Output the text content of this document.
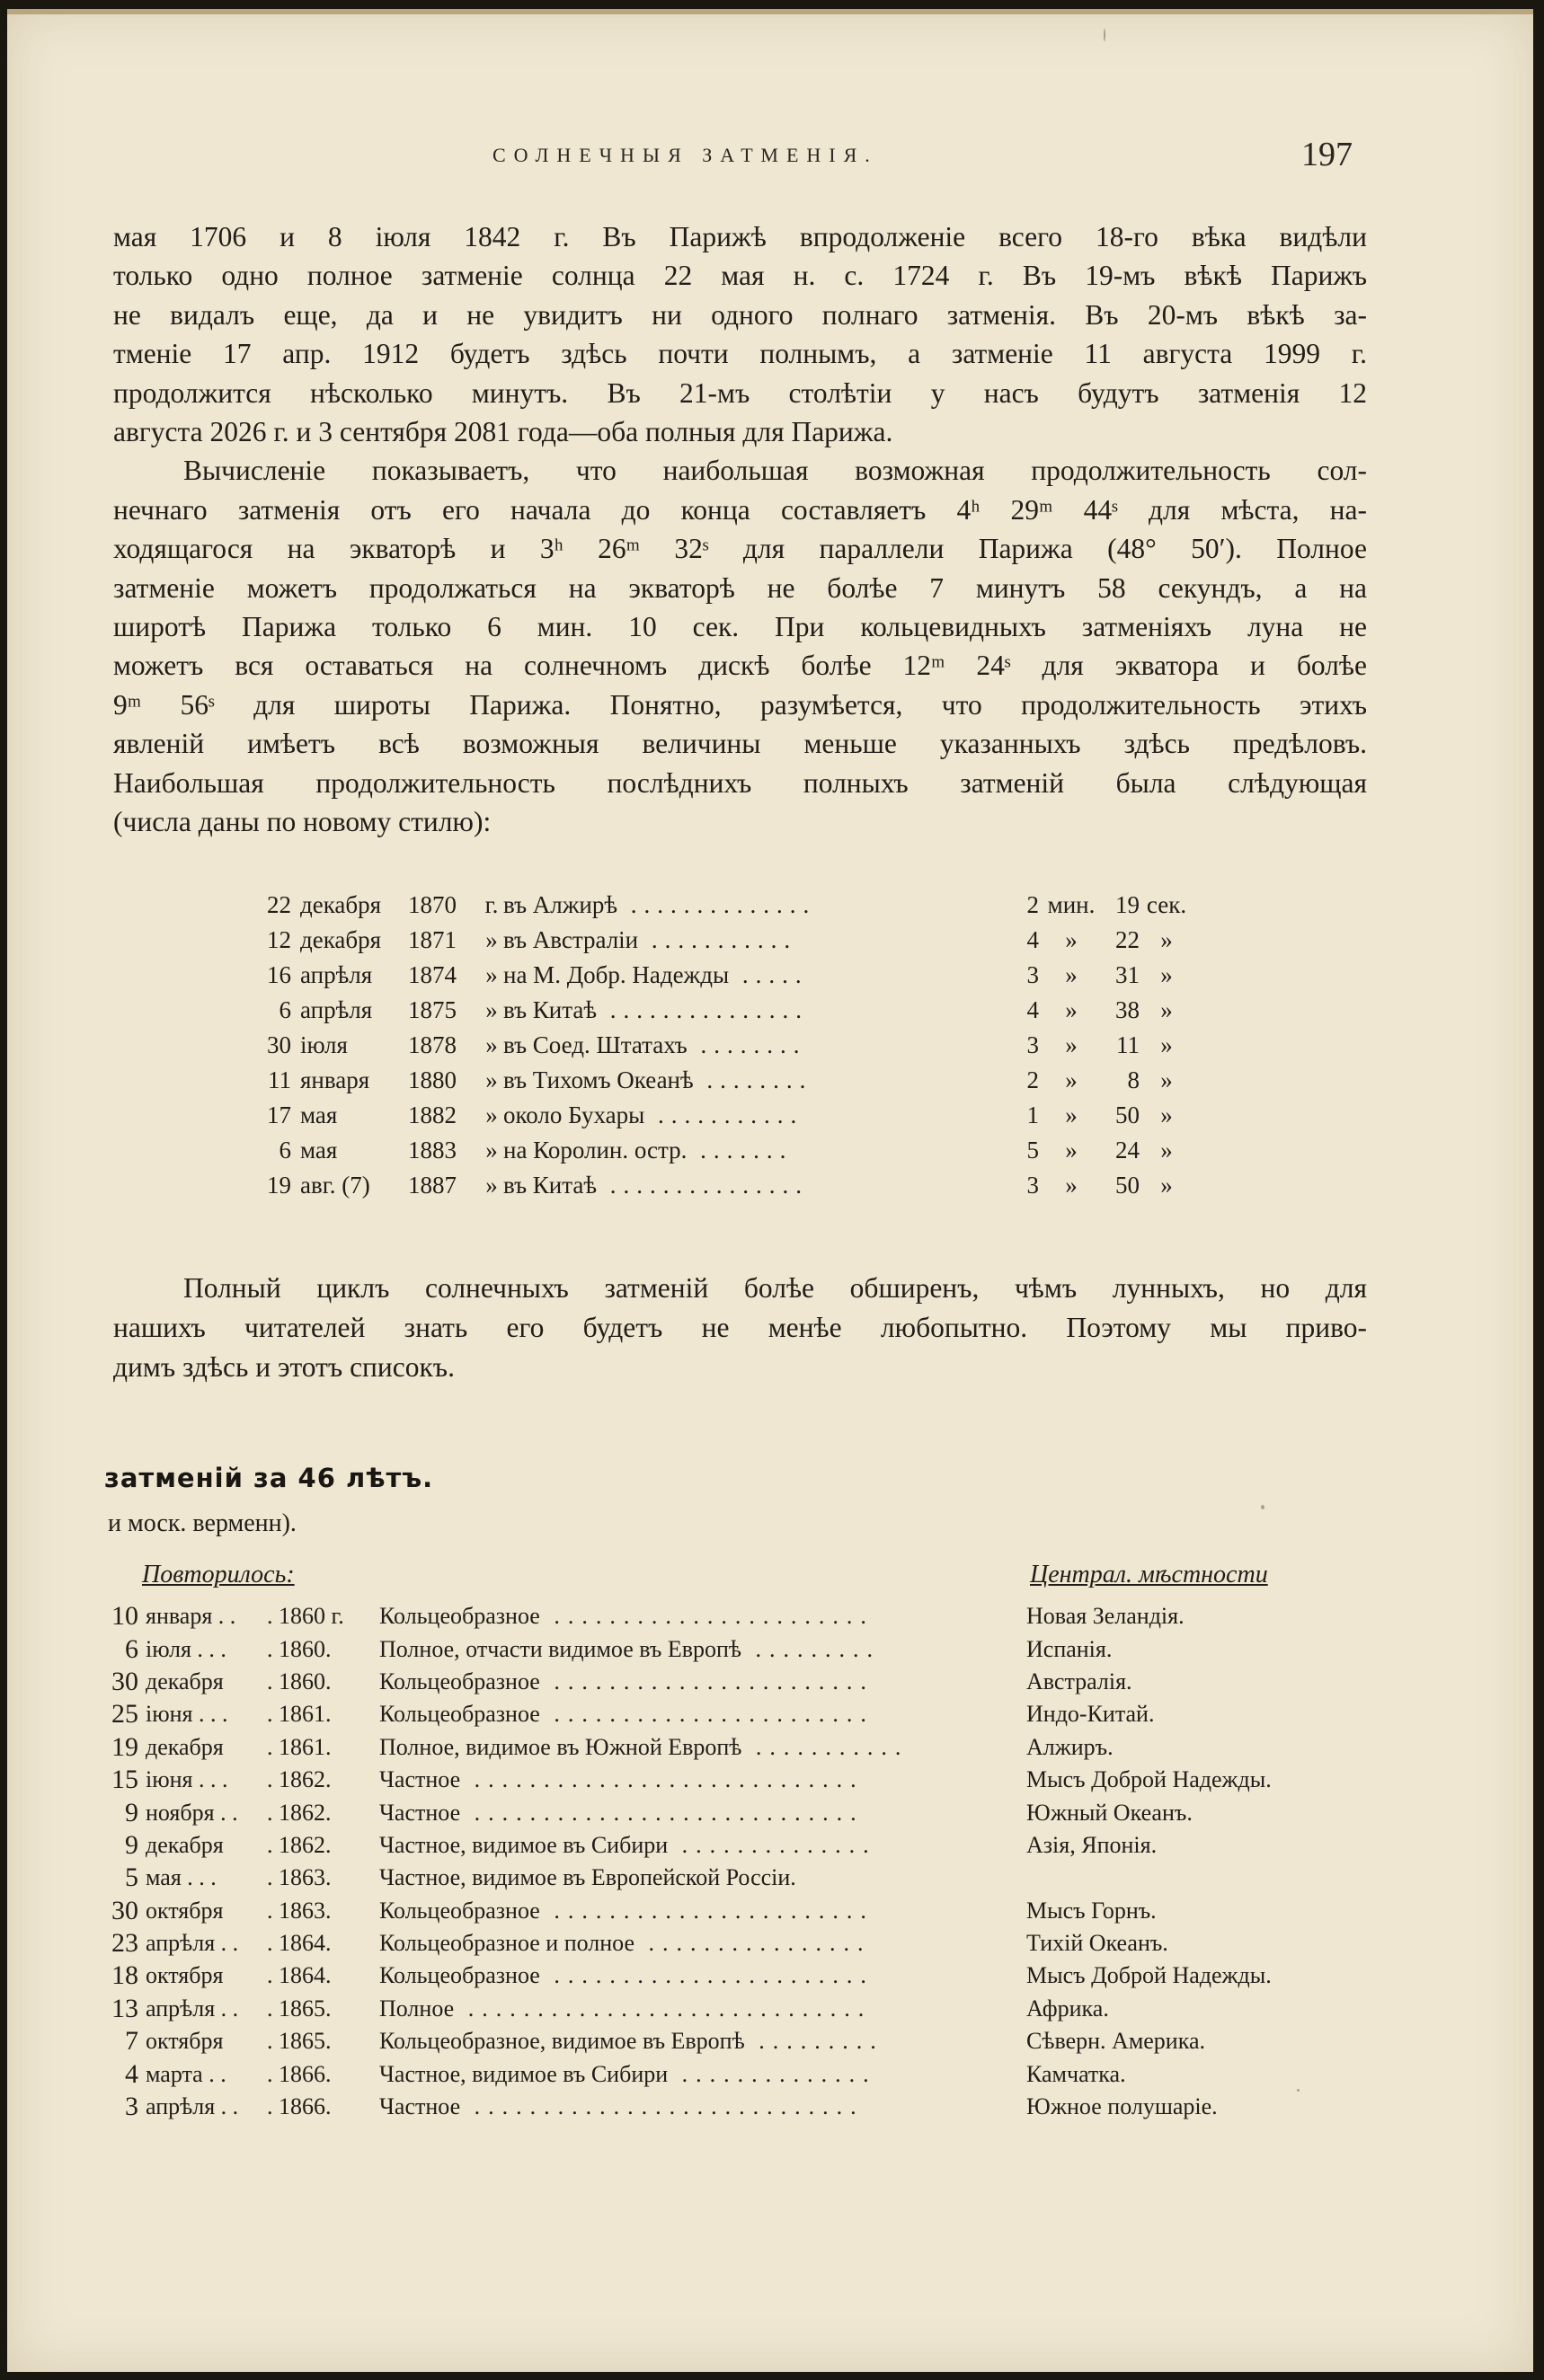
СОЛНЕЧНЫЯ ЗАТМЕНІЯ.	197
мая 1706 и 8 іюля 1842 г. Въ Парижѣ впродолженіе всего 18-го вѣка видѣли
только одно полное затменіе солнца 22 мая н. с. 1724 г. Въ 19-мъ вѣкѣ Парижъ
не видалъ еще, да и не увидитъ ни одного полнаго затменія. Въ 20-мъ вѣкѣ за-
тменіе 17 апр. 1912 будетъ здѣсь почти полнымъ, а затменіе 11 августа 1999 г.
продолжится нѣсколько минутъ. Въ 21-мъ столѣтіи у насъ будутъ затменія 12
августа 2026 г. и 3 сентября 2081 года—оба полныя для Парижа.
Вычисленіе показываетъ, что наибольшая возможная продолжительность сол-
нечнаго затменія отъ его начала до конца составляетъ 4ʰ 29ᵐ 44ˢ для мѣста, на-
ходящагося на экваторѣ и 3ʰ 26ᵐ 32ˢ для параллели Парижа (48° 50′). Полное
затменіе можетъ продолжаться на экваторѣ не болѣе 7 минутъ 58 секундъ, а на
широтѣ Парижа только 6 мин. 10 сек. При кольцевидныхъ затменіяхъ луна не
можетъ вся оставаться на солнечномъ дискѣ болѣе 12ᵐ 24ˢ для экватора и болѣе
9ᵐ 56ˢ для широты Парижа. Понятно, разумѣется, что продолжительность этихъ
явленій имѣетъ всѣ возможныя величины меньше указанныхъ здѣсь предѣловъ.
Наибольшая продолжительность послѣднихъ полныхъ затменій была слѣдующая
(числа даны по новому стилю):
22	декабря	1870	г.	въ Алжирѣ ..............	2	мин.	19	сек.
12	декабря	1871	»	въ Австраліи ...........	4	»	22	»
16	апрѣля	1874	»	на М. Добр. Надежды .....	3	»	31	»
6	апрѣля	1875	»	въ Китаѣ ...............	4	»	38	»
30	іюля	1878	»	въ Соед. Штатахъ ........	3	»	11	»
11	января	1880	»	въ Тихомъ Океанѣ ........	2	»	8	»
17	мая	1882	»	около Бухары ...........	1	»	50	»
6	мая	1883	»	на Королин. остр. .......	5	»	24	»
19	авг. (7)	1887	»	въ Китаѣ ...............	3	»	50	»
Полный циклъ солнечныхъ затменій болѣе обширенъ, чѣмъ лунныхъ, но для
нашихъ читателей знать его будетъ не менѣе любопытно. Поэтому мы приво-
димъ здѣсь и этотъ списокъ.
затменій за 46 лѣтъ.
и моск. верменн).
Повторилось:	Централ. мѣстности
10	января . .	. 1860 г.	Кольцеобразное .......................	Новая Зеландія.
6	іюля . . .	. 1860.	Полное, отчасти видимое въ Европѣ .........	Испанія.
30	декабря	. 1860.	Кольцеобразное .......................	Австралія.
25	іюня . . .	. 1861.	Кольцеобразное .......................	Индо-Китай.
19	декабря	. 1861.	Полное, видимое въ Южной Европѣ ...........	Алжиръ.
15	іюня . . .	. 1862.	Частное ............................	Мысъ Доброй Надежды.
9	ноября . .	. 1862.	Частное ............................	Южный Океанъ.
9	декабря	. 1862.	Частное, видимое въ Сибири ..............	Азія, Японія.
5	мая . . .	. 1863.	Частное, видимое въ Европейской Россіи.	
30	октября	. 1863.	Кольцеобразное .......................	Мысъ Горнъ.
23	апрѣля . .	. 1864.	Кольцеобразное и полное ................	Тихій Океанъ.
18	октября	. 1864.	Кольцеобразное .......................	Мысъ Доброй Надежды.
13	апрѣля . .	. 1865.	Полное .............................	Африка.
7	октября	. 1865.	Кольцеобразное, видимое въ Европѣ .........	Сѣверн. Америка.
4	марта . .	. 1866.	Частное, видимое въ Сибири ..............	Камчатка.
3	апрѣля . .	. 1866.	Частное ............................	Южное полушаріе.
